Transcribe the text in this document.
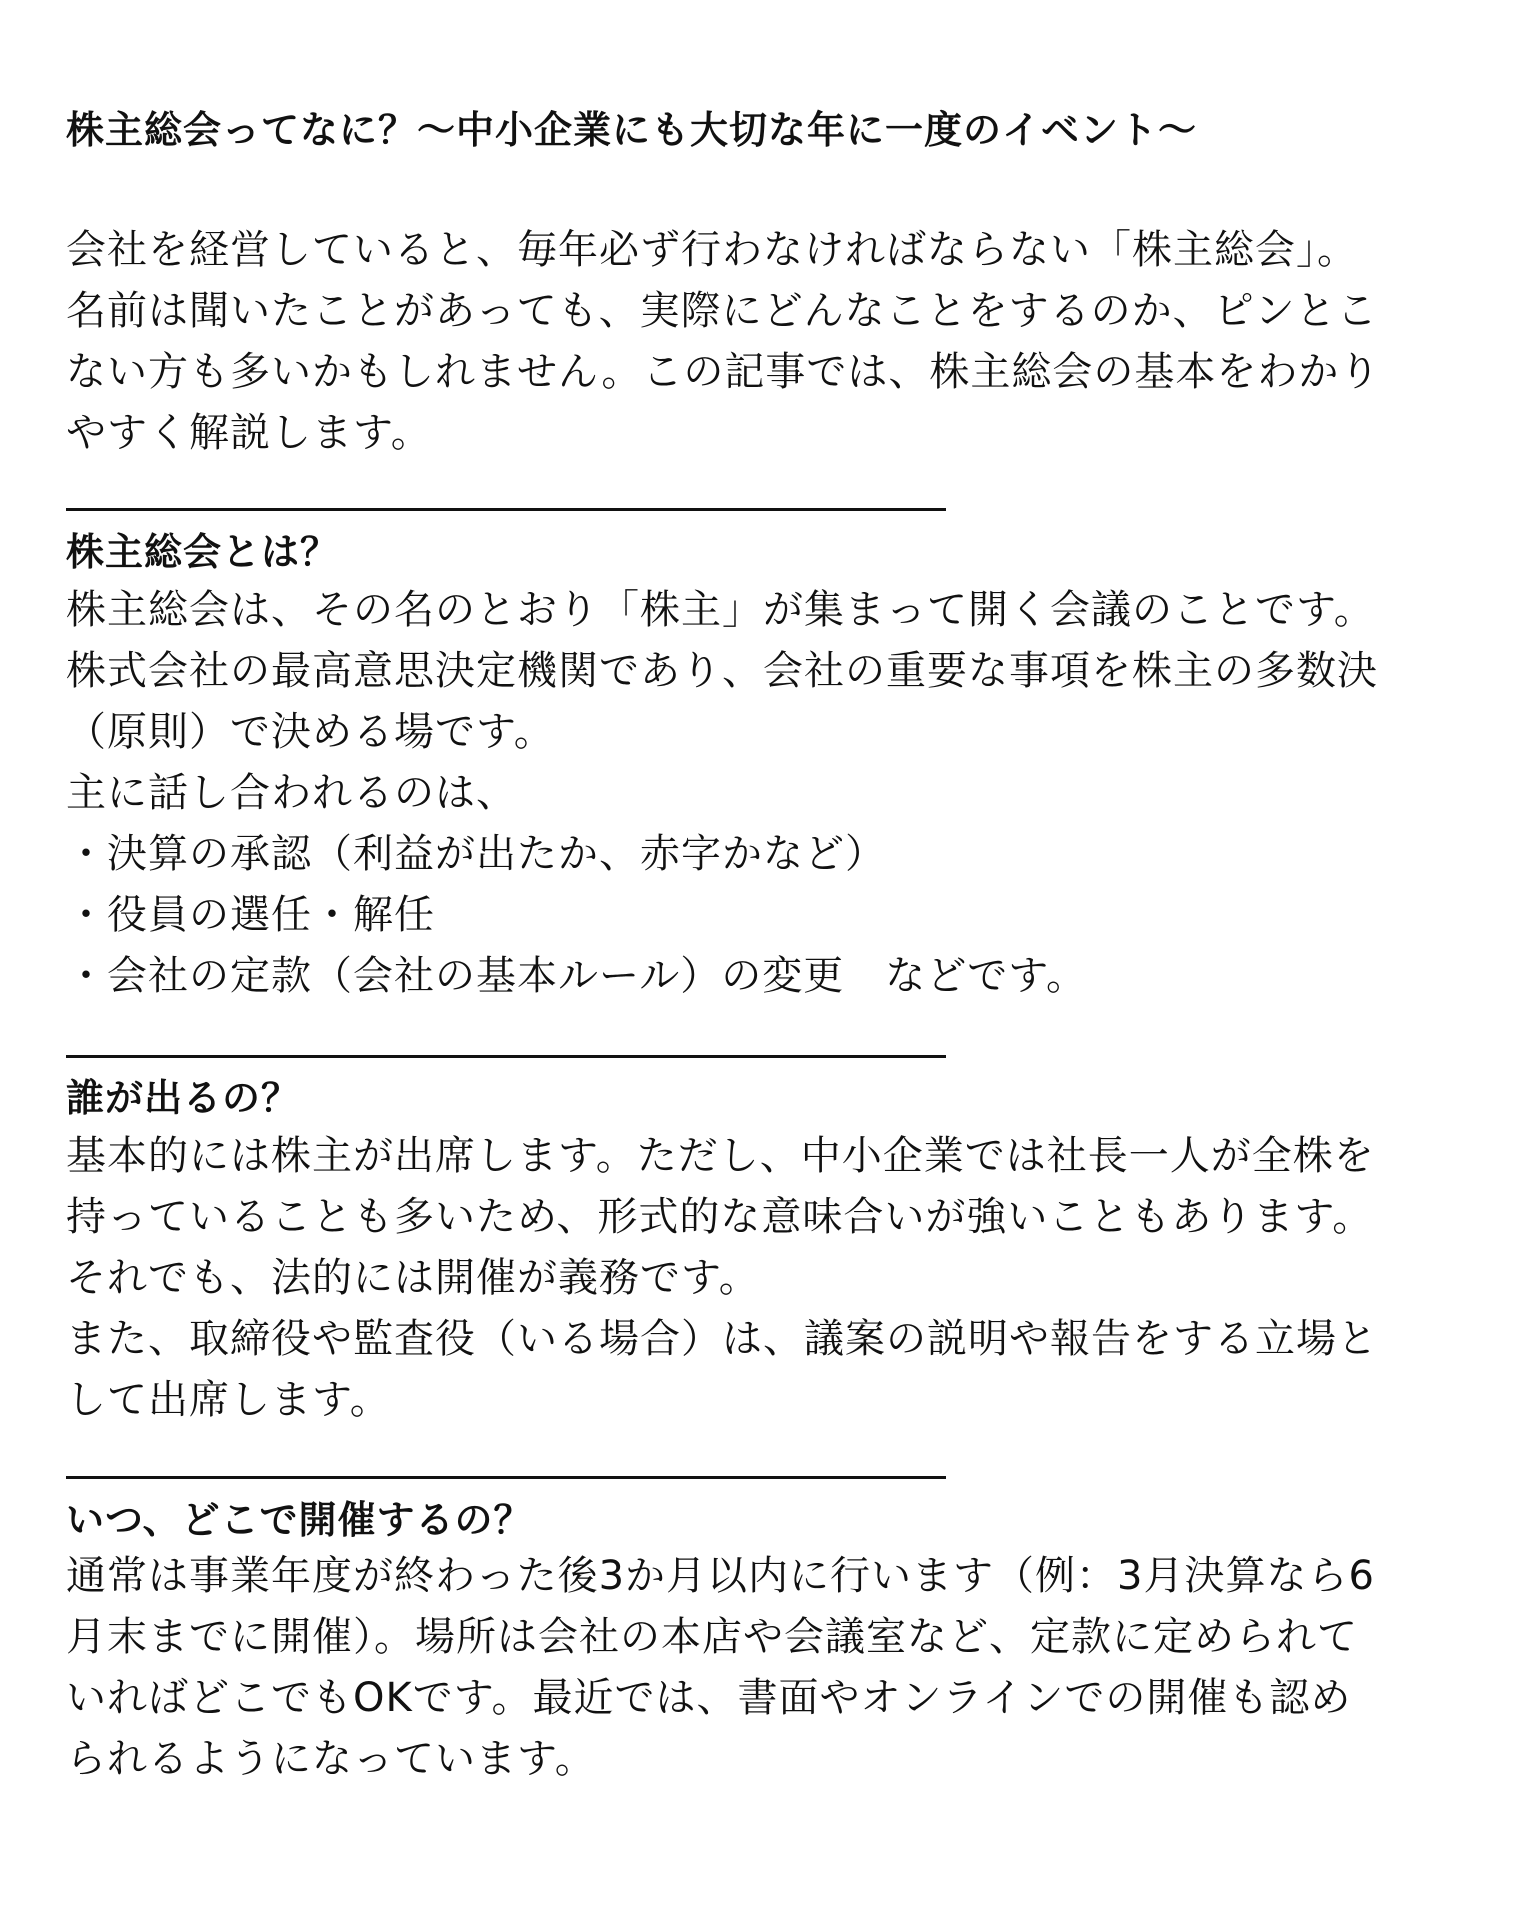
株主総会ってなに？〜中小企業にも大切な年に一度のイベント〜

会社を経営していると、毎年必ず行わなければならない「株主総会」。
名前は聞いたことがあっても、実際にどんなことをするのか、ピンとこ
ない方も多いかもしれません。この記事では、株主総会の基本をわかり
やすく解説します。

株主総会とは？

株主総会は、その名のとおり「株主」が集まって開く会議のことです。
株式会社の最高意思決定機関であり、会社の重要な事項を株主の多数決
（原則）で決める場です。
主に話し合われるのは、
・決算の承認（利益が出たか、赤字かなど）
・役員の選任・解任
・会社の定款（会社の基本ルール）の変更　などです。

誰が出るの？

基本的には株主が出席します。ただし、中小企業では社長一人が全株を
持っていることも多いため、形式的な意味合いが強いこともあります。
それでも、法的には開催が義務です。
また、取締役や監査役（いる場合）は、議案の説明や報告をする立場と
して出席します。

いつ、どこで開催するの？

通常は事業年度が終わった後3か月以内に行います（例：3月決算なら6
月末までに開催）。場所は会社の本店や会議室など、定款に定められて
いればどこでもOKです。最近では、書面やオンラインでの開催も認め
られるようになっています。
